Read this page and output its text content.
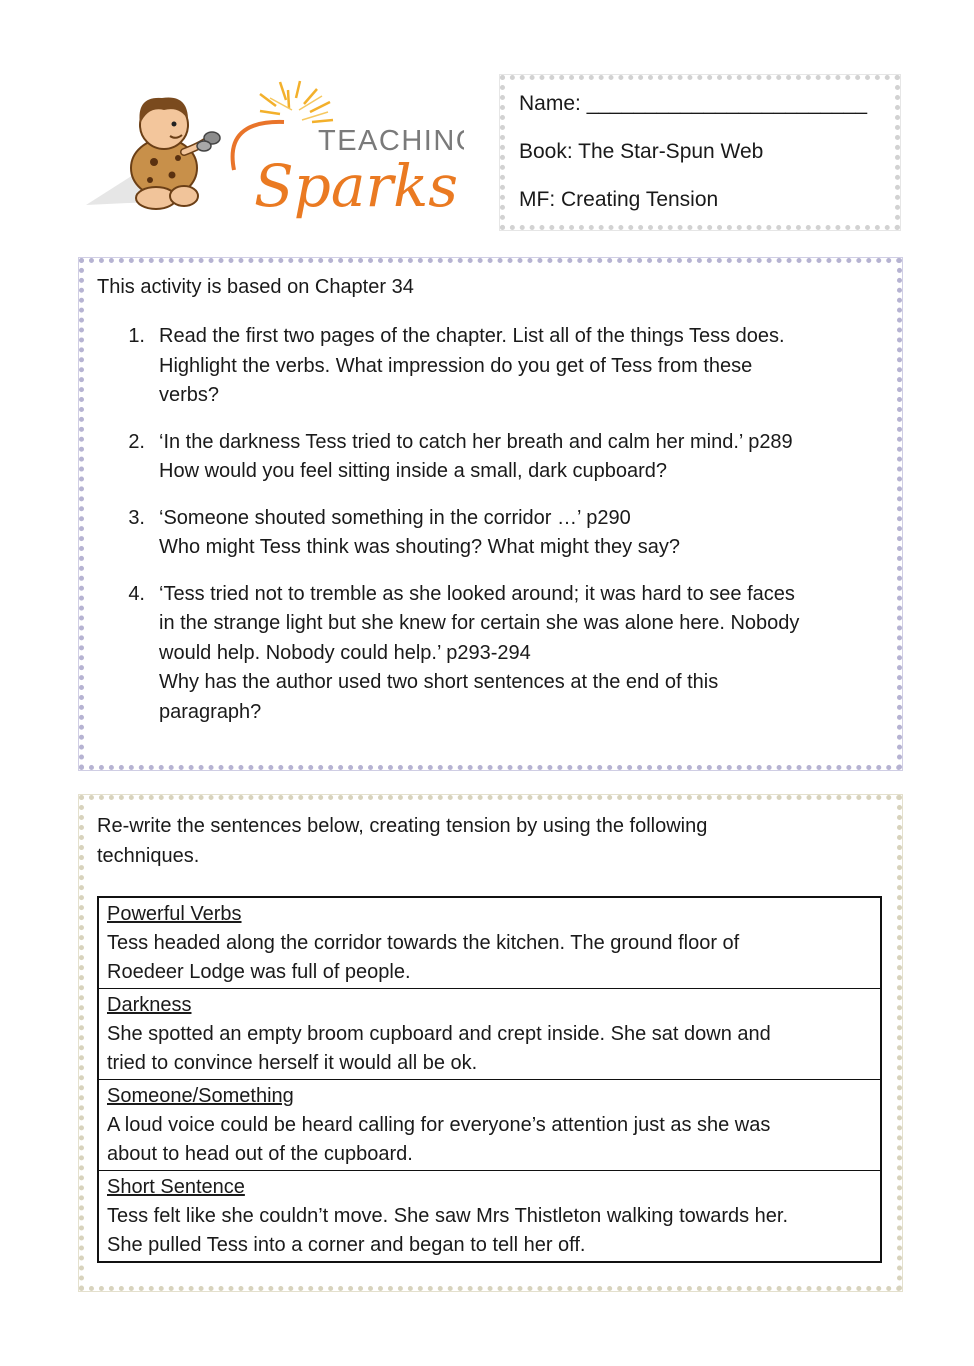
TEACHING
Sparks
Name: ________________________
Book: The Star-Spun Web
MF: Creating Tension
This activity is based on Chapter 34
1. Read the first two pages of the chapter. List all of the things Tess does.
Highlight the verbs. What impression do you get of Tess from these
verbs?
2. ‘In the darkness Tess tried to catch her breath and calm her mind.’ p289
How would you feel sitting inside a small, dark cupboard?
3. ‘Someone shouted something in the corridor …’ p290
Who might Tess think was shouting? What might they say?
4. ‘Tess tried not to tremble as she looked around; it was hard to see faces
in the strange light but she knew for certain she was alone here. Nobody
would help. Nobody could help.’ p293-294
Why has the author used two short sentences at the end of this
paragraph?

Re-write the sentences below, creating tension by using the following
techniques.

Powerful Verbs
Tess headed along the corridor towards the kitchen. The ground floor of
Roedeer Lodge was full of people.
Darkness
She spotted an empty broom cupboard and crept inside. She sat down and
tried to convince herself it would all be ok.
Someone/Something
A loud voice could be heard calling for everyone’s attention just as she was
about to head out of the cupboard.
Short Sentence
Tess felt like she couldn’t move. She saw Mrs Thistleton walking towards her.
She pulled Tess into a corner and began to tell her off.
